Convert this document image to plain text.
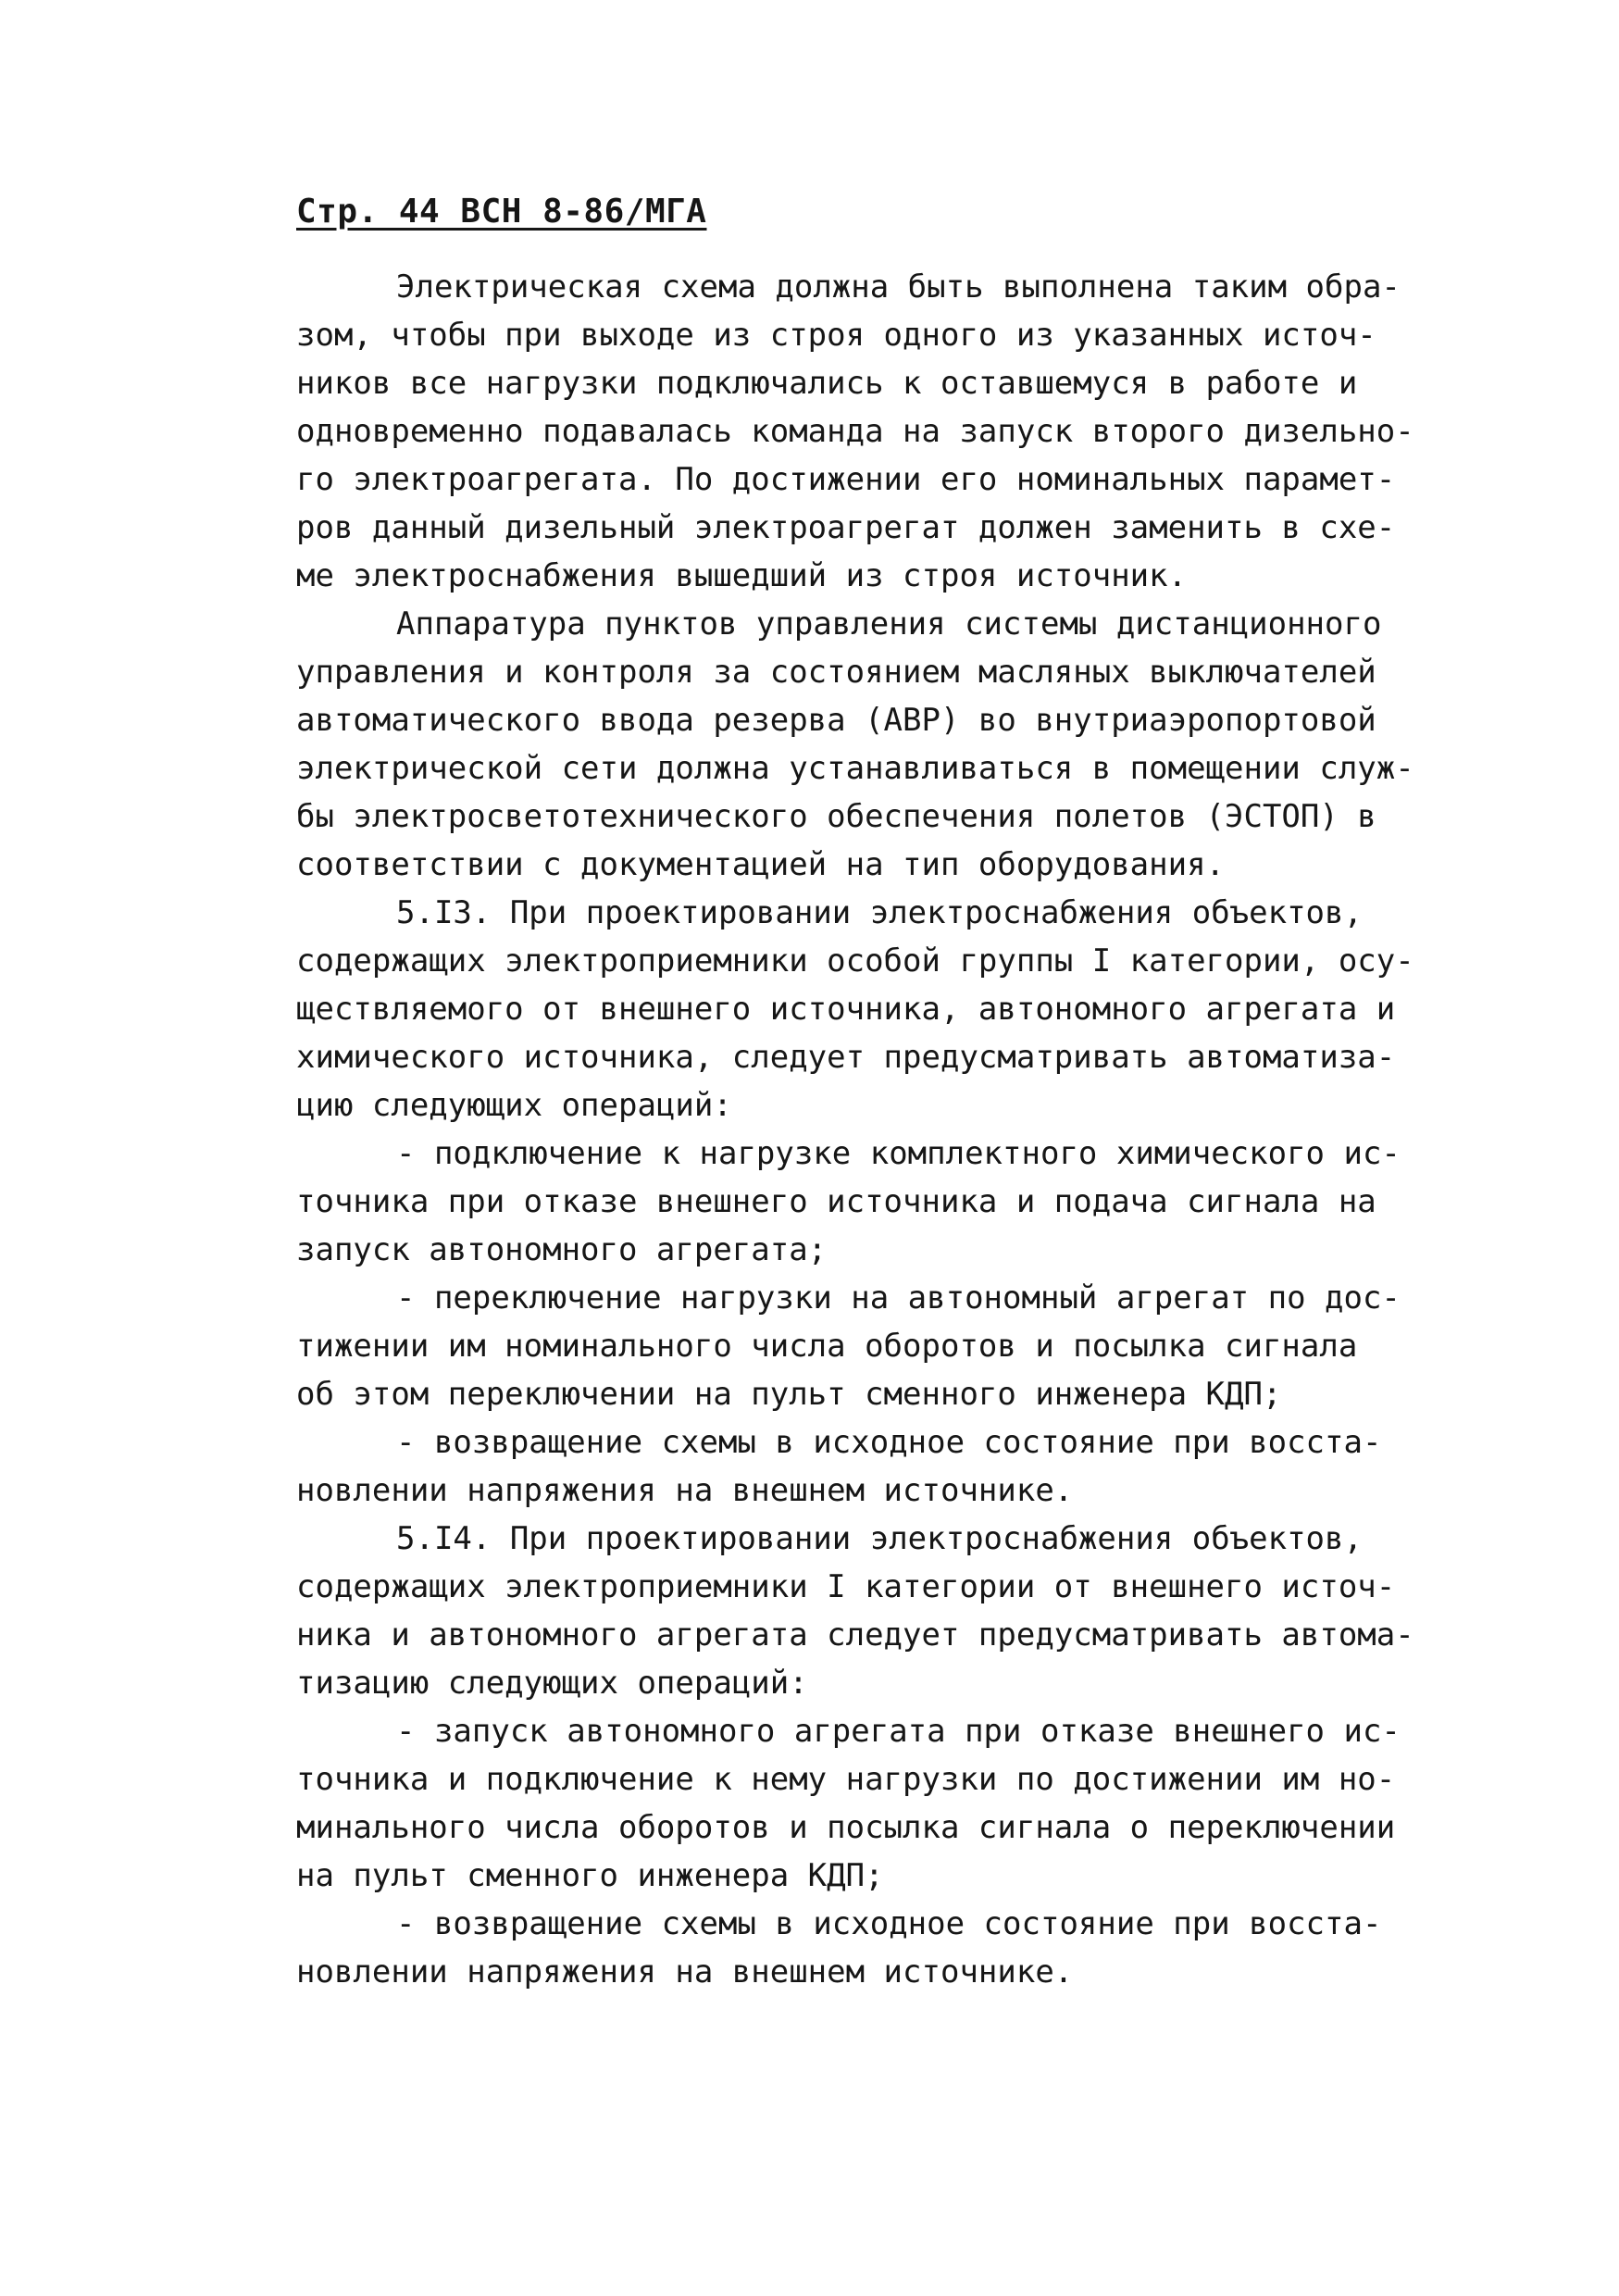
Стр. 44 ВСН 8-86/МГА
Электрическая схема должна быть выполнена таким обра-
зом, чтобы при выходе из строя одного из указанных источ-
ников все нагрузки подключались к оставшемуся в работе и
одновременно подавалась команда на запуск второго дизельно-
го электроагрегата. По достижении его номинальных парамет-
ров данный дизельный электроагрегат должен заменить в схе-
ме электроснабжения вышедший из строя источник.
Аппаратура пунктов управления системы дистанционного
управления и контроля за состоянием масляных выключателей
автоматического ввода резерва (АВР) во внутриаэропортовой
электрической сети должна устанавливаться в помещении служ-
бы электросветотехнического обеспечения полетов (ЭСТОП) в
соответствии с документацией на тип оборудования.
5.I3. При проектировании электроснабжения объектов,
содержащих электроприемники особой группы I категории, осу-
ществляемого от внешнего источника, автономного агрегата и
химического источника, следует предусматривать автоматиза-
цию следующих операций:
- подключение к нагрузке комплектного химического ис-
точника при отказе внешнего источника и подача сигнала на
запуск автономного агрегата;
- переключение нагрузки на автономный агрегат по дос-
тижении им номинального числа оборотов и посылка сигнала
об этом переключении на пульт сменного инженера КДП;
- возвращение схемы в исходное состояние при восста-
новлении напряжения на внешнем источнике.
5.I4. При проектировании электроснабжения объектов,
содержащих электроприемники I категории от внешнего источ-
ника и автономного агрегата следует предусматривать автома-
тизацию следующих операций:
- запуск автономного агрегата при отказе внешнего ис-
точника и подключение к нему нагрузки по достижении им но-
минального числа оборотов и посылка сигнала о переключении
на пульт сменного инженера КДП;
- возвращение схемы в исходное состояние при восста-
новлении напряжения на внешнем источнике.
